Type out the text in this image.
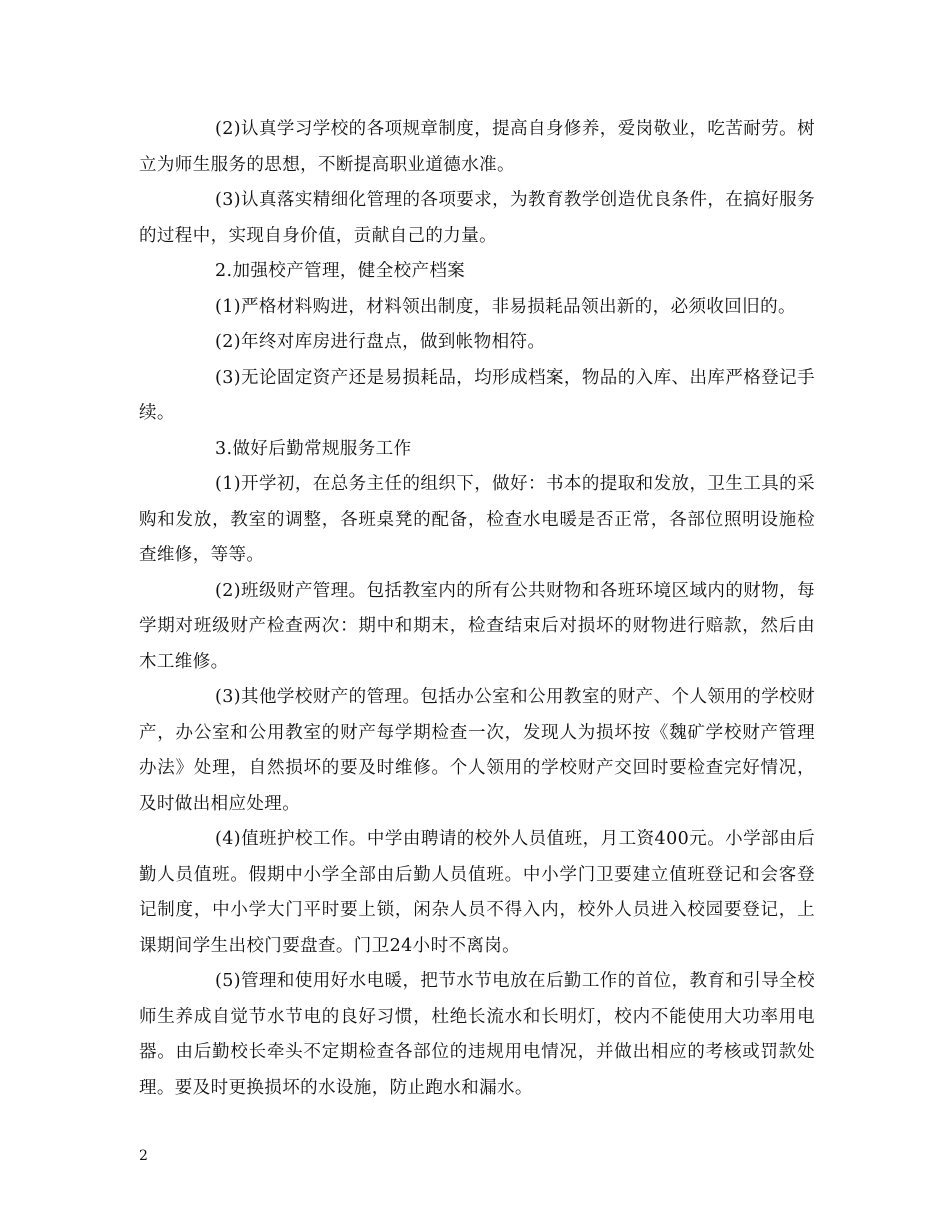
(2)认真学习学校的各项规章制度，提高自身修养，爱岗敬业，吃苦耐劳。树立为师生服务的思想，不断提高职业道德水准。

(3)认真落实精细化管理的各项要求，为教育教学创造优良条件，在搞好服务的过程中，实现自身价值，贡献自己的力量。

2.加强校产管理，健全校产档案

(1)严格材料购进，材料领出制度，非易损耗品领出新的，必须收回旧的。

(2)年终对库房进行盘点，做到帐物相符。

(3)无论固定资产还是易损耗品，均形成档案，物品的入库、出库严格登记手续。

3.做好后勤常规服务工作

(1)开学初，在总务主任的组织下，做好：书本的提取和发放，卫生工具的采购和发放，教室的调整，各班桌凳的配备，检查水电暖是否正常，各部位照明设施检查维修，等等。

(2)班级财产管理。包括教室内的所有公共财物和各班环境区域内的财物，每学期对班级财产检查两次：期中和期末，检查结束后对损坏的财物进行赔款，然后由木工维修。

(3)其他学校财产的管理。包括办公室和公用教室的财产、个人领用的学校财产，办公室和公用教室的财产每学期检查一次，发现人为损坏按《魏矿学校财产管理办法》处理，自然损坏的要及时维修。个人领用的学校财产交回时要检查完好情况，及时做出相应处理。

(4)值班护校工作。中学由聘请的校外人员值班，月工资400元。小学部由后勤人员值班。假期中小学全部由后勤人员值班。中小学门卫要建立值班登记和会客登记制度，中小学大门平时要上锁，闲杂人员不得入内，校外人员进入校园要登记，上课期间学生出校门要盘查。门卫24小时不离岗。

(5)管理和使用好水电暖，把节水节电放在后勤工作的首位，教育和引导全校师生养成自觉节水节电的良好习惯，杜绝长流水和长明灯，校内不能使用大功率用电器。由后勤校长牵头不定期检查各部位的违规用电情况，并做出相应的考核或罚款处理。要及时更换损坏的水设施，防止跑水和漏水。

2
